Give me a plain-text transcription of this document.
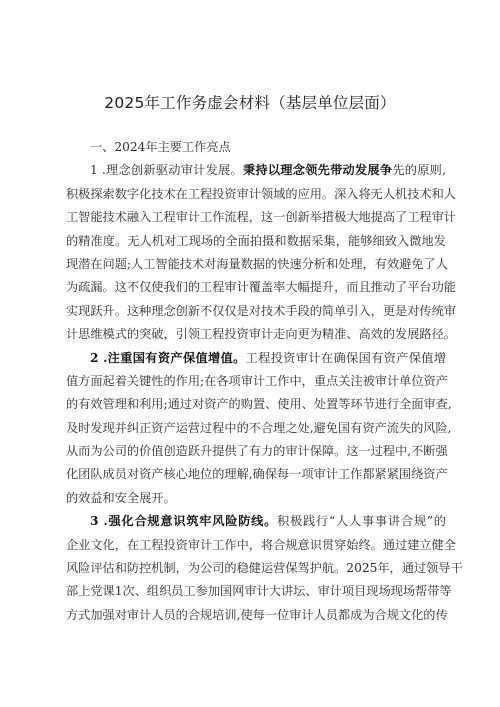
2025年工作务虚会材料（基层单位层面）
一、2024年主要工作亮点
1 .理念创新驱动审计发展。秉持以理念领先带动发展争先的原则,
积极探索数字化技术在工程投资审计领域的应用。深入将无人机技术和人
工智能技术融入工程审计工作流程，这一创新举措极大地提高了工程审计
的精准度。无人机对工现场的全面拍摄和数据采集，能够细致入微地发
现潜在问题;人工智能技术对海量数据的快速分析和处理，有效避免了人
为疏漏。这不仅使我们的工程审计覆盖率大幅提升，而且推动了平台功能
实现跃升。这种理念创新不仅仅是对技术手段的简单引入，更是对传统审
计思维模式的突破，引领工程投资审计走向更为精准、高效的发展路径。
2 .注重国有资产保值增值。工程投资审计在确保国有资产保值增
值方面起着关键性的作用;在各项审计工作中，重点关注被审计单位资产
的有效管理和利用;通过对资产的购置、使用、处置等环节进行全面审查,
及时发现并纠正资产运营过程中的不合理之处,避免国有资产流失的风险,
从而为公司的价值创造跃升提供了有力的审计保障。这一过程中,不断强
化团队成员对资产核心地位的理解,确保每一项审计工作都紧紧围绕资产
的效益和安全展开。
3 .强化合规意识筑牢风险防线。积极践行“人人事事讲合规”的
企业文化，在工程投资审计工作中，将合规意识贯穿始终。通过建立健全
风险评估和防控机制，为公司的稳健运营保驾护航。2025年，通过领导干
部上党课1次、组织员工参加国网审计大讲坛、审计项目现场现场帮带等
方式加强对审计人员的合规培训,使每一位审计人员都成为合规文化的传
